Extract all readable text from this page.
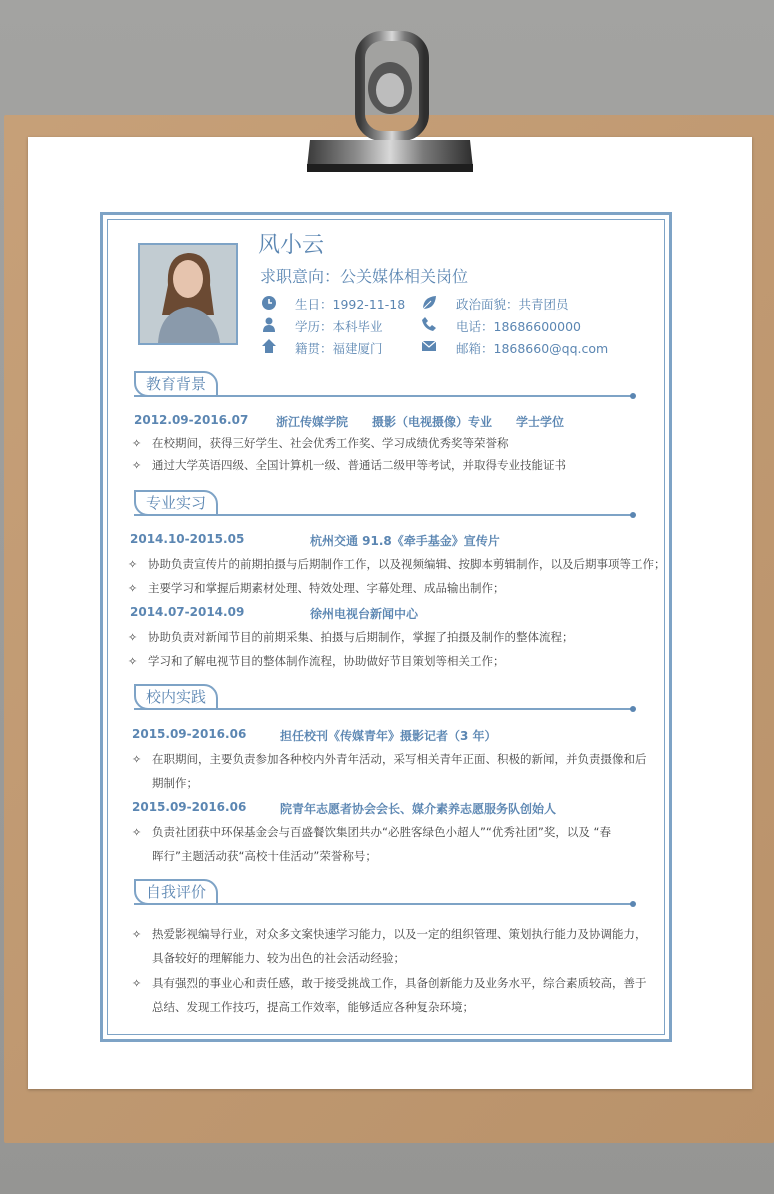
风小云
求职意向：公关媒体相关岗位
生日：1992-11-18
学历：本科毕业
籍贯：福建厦门
政治面貌：共青团员
电话：18686600000
邮箱：1868660@qq.com
教育背景
2012.09-2016.07 浙江传媒学院 摄影（电视摄像）专业 学士学位
✧ 在校期间，获得三好学生、社会优秀工作奖、学习成绩优秀奖等荣誉称
✧ 通过大学英语四级、全国计算机一级、普通话二级甲等考试，并取得专业技能证书
专业实习
2014.10-2015.05	杭州交通 91.8《牵手基金》宣传片
✧ 协助负责宣传片的前期拍摄与后期制作工作，以及视频编辑、按脚本剪辑制作，以及后期事项等工作；
✧ 主要学习和掌握后期素材处理、特效处理、字幕处理、成品输出制作；
2014.07-2014.09	徐州电视台新闻中心
✧ 协助负责对新闻节目的前期采集、拍摄与后期制作，掌握了拍摄及制作的整体流程；
✧ 学习和了解电视节目的整体制作流程，协助做好节目策划等相关工作；
校内实践
2015.09-2016.06	担任校刊《传媒青年》摄影记者（3 年）
✧ 在职期间，主要负责参加各种校内外青年活动，采写相关青年正面、积极的新闻，并负责摄像和后
期制作；
2015.09-2016.06	院青年志愿者协会会长、媒介素养志愿服务队创始人
✧ 负责社团获中环保基金会与百盛餐饮集团共办“必胜客绿色小超人”“优秀社团”奖，以及 “春
晖行”主题活动获“高校十佳活动”荣誉称号；
自我评价
✧ 热爱影视编导行业，对众多文案快速学习能力，以及一定的组织管理、策划执行能力及协调能力，
具备较好的理解能力、较为出色的社会活动经验；
✧ 具有强烈的事业心和责任感，敢于接受挑战工作，具备创新能力及业务水平，综合素质较高，善于
总结、发现工作技巧，提高工作效率，能够适应各种复杂环境；
